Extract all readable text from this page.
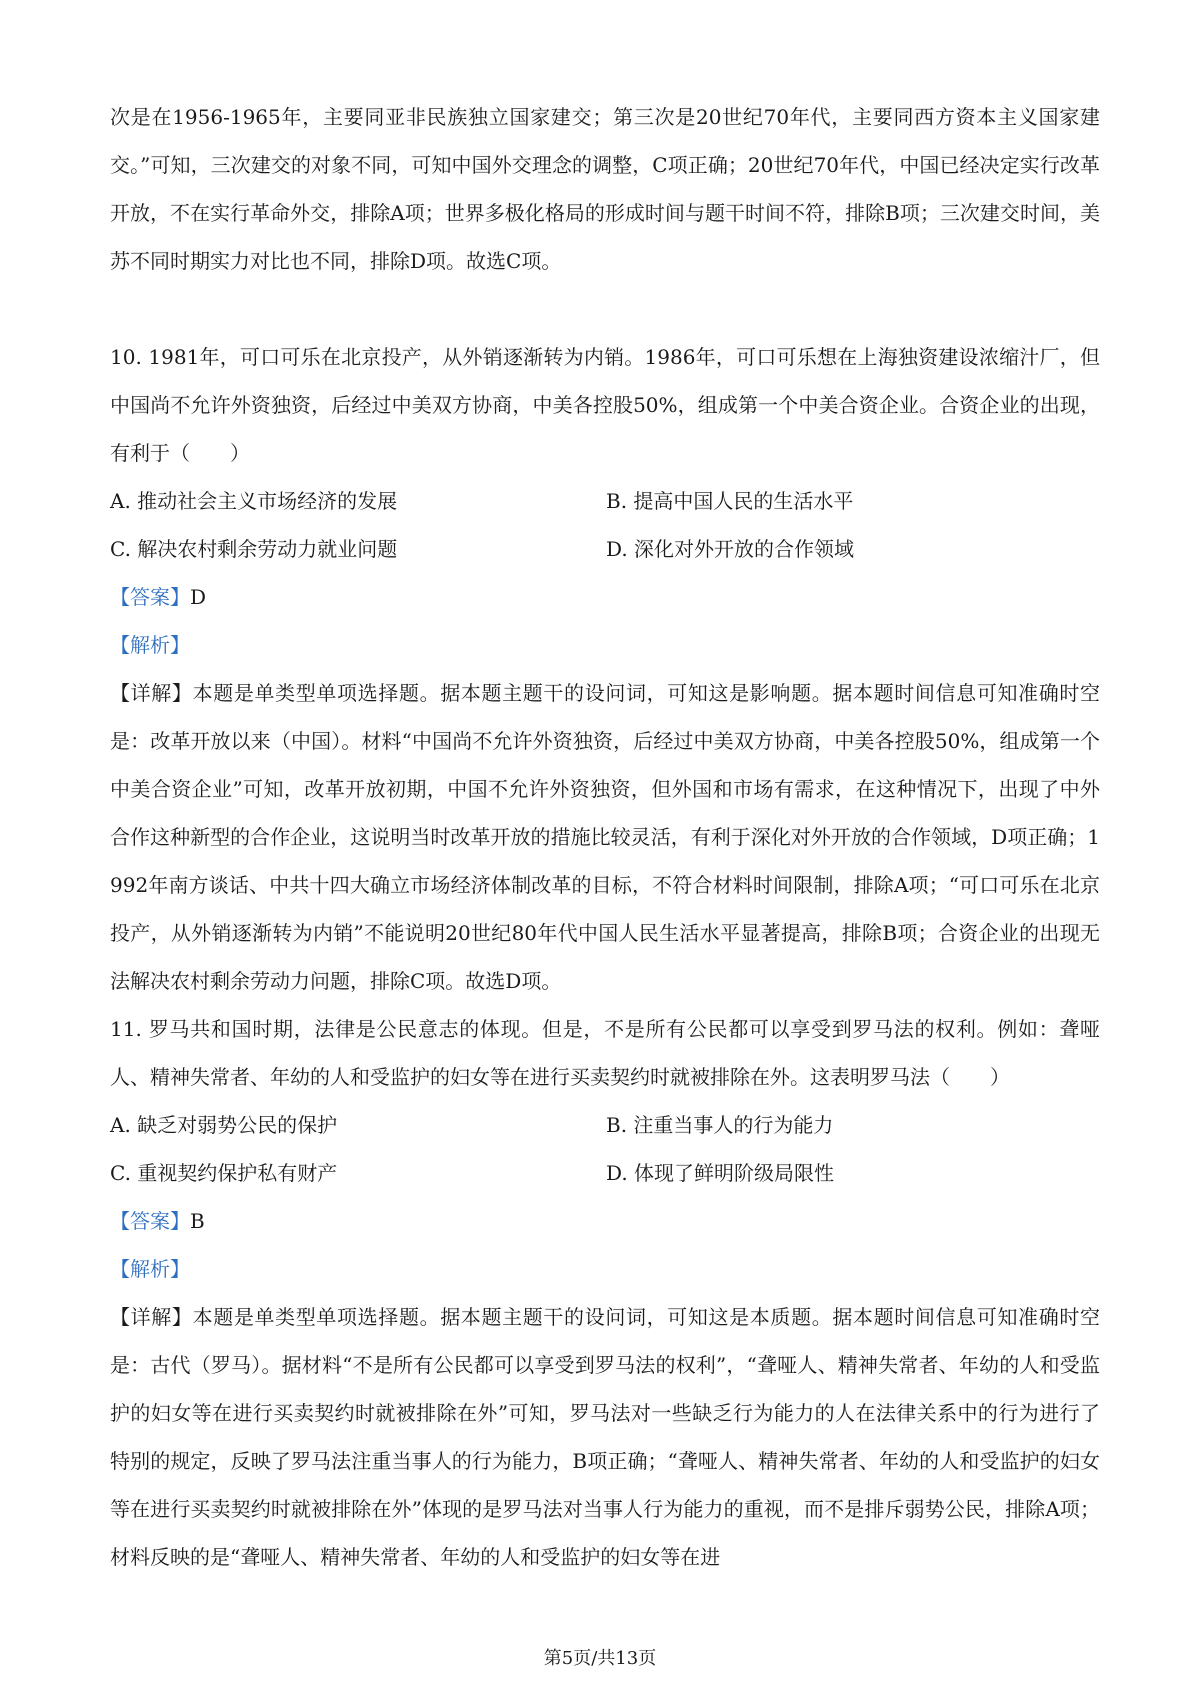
次是在1956-1965年，主要同亚非民族独立国家建交；第三次是20世纪70年代，主要同西方资本主义国家建交。”可知，三次建交的对象不同，可知中国外交理念的调整，C项正确；20世纪70年代，中国已经决定实行改革开放，不在实行革命外交，排除A项；世界多极化格局的形成时间与题干时间不符，排除B项；三次建交时间，美苏不同时期实力对比也不同，排除D项。故选C项。

10. 1981年，可口可乐在北京投产，从外销逐渐转为内销。1986年，可口可乐想在上海独资建设浓缩汁厂，但中国尚不允许外资独资，后经过中美双方协商，中美各控股50%，组成第一个中美合资企业。合资企业的出现，有利于（　　）

A. 推动社会主义市场经济的发展	B. 提高中国人民的生活水平

C. 解决农村剩余劳动力就业问题	D. 深化对外开放的合作领域

【答案】D

【解析】

【详解】本题是单类型单项选择题。据本题主题干的设问词，可知这是影响题。据本题时间信息可知准确时空是：改革开放以来（中国）。材料“中国尚不允许外资独资，后经过中美双方协商，中美各控股50%，组成第一个中美合资企业”可知，改革开放初期，中国不允许外资独资，但外国和市场有需求，在这种情况下，出现了中外合作这种新型的合作企业，这说明当时改革开放的措施比较灵活，有利于深化对外开放的合作领域，D项正确；1992年南方谈话、中共十四大确立市场经济体制改革的目标，不符合材料时间限制，排除A项；“可口可乐在北京投产，从外销逐渐转为内销”不能说明20世纪80年代中国人民生活水平显著提高，排除B项；合资企业的出现无法解决农村剩余劳动力问题，排除C项。故选D项。

11. 罗马共和国时期，法律是公民意志的体现。但是，不是所有公民都可以享受到罗马法的权利。例如：聋哑人、精神失常者、年幼的人和受监护的妇女等在进行买卖契约时就被排除在外。这表明罗马法（　　）

A. 缺乏对弱势公民的保护	B. 注重当事人的行为能力

C. 重视契约保护私有财产	D. 体现了鲜明阶级局限性

【答案】B

【解析】

【详解】本题是单类型单项选择题。据本题主题干的设问词，可知这是本质题。据本题时间信息可知准确时空是：古代（罗马）。据材料“不是所有公民都可以享受到罗马法的权利”，“聋哑人、精神失常者、年幼的人和受监护的妇女等在进行买卖契约时就被排除在外”可知，罗马法对一些缺乏行为能力的人在法律关系中的行为进行了特别的规定，反映了罗马法注重当事人的行为能力，B项正确；“聋哑人、精神失常者、年幼的人和受监护的妇女等在进行买卖契约时就被排除在外”体现的是罗马法对当事人行为能力的重视，而不是排斥弱势公民，排除A项；材料反映的是“聋哑人、精神失常者、年幼的人和受监护的妇女等在进

第5页/共13页
